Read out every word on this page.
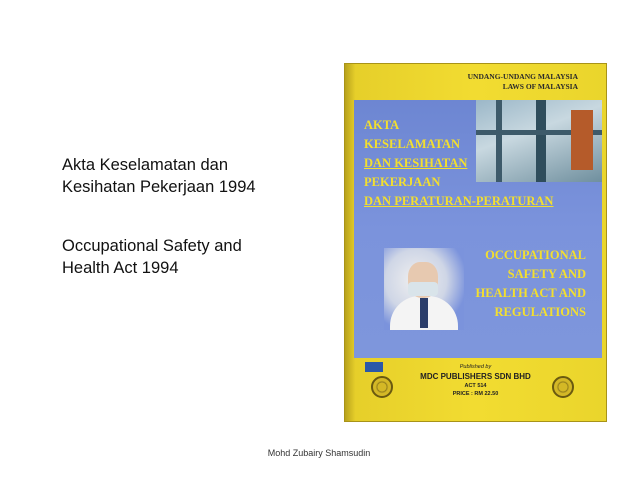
Akta Keselamatan dan
Kesihatan Pekerjaan 1994
Occupational Safety and
Health Act 1994
UNDANG-UNDANG MALAYSIA
LAWS OF MALAYSIA
AKTA
KESELAMATAN
DAN KESIHATAN
PEKERJAAN
DAN PERATURAN-PERATURAN
OCCUPATIONAL
SAFETY AND
HEALTH ACT AND
REGULATIONS
Published by
MDC PUBLISHERS SDN BHD
ACT 514
PRICE : RM 22.50
Mohd Zubairy Shamsudin
